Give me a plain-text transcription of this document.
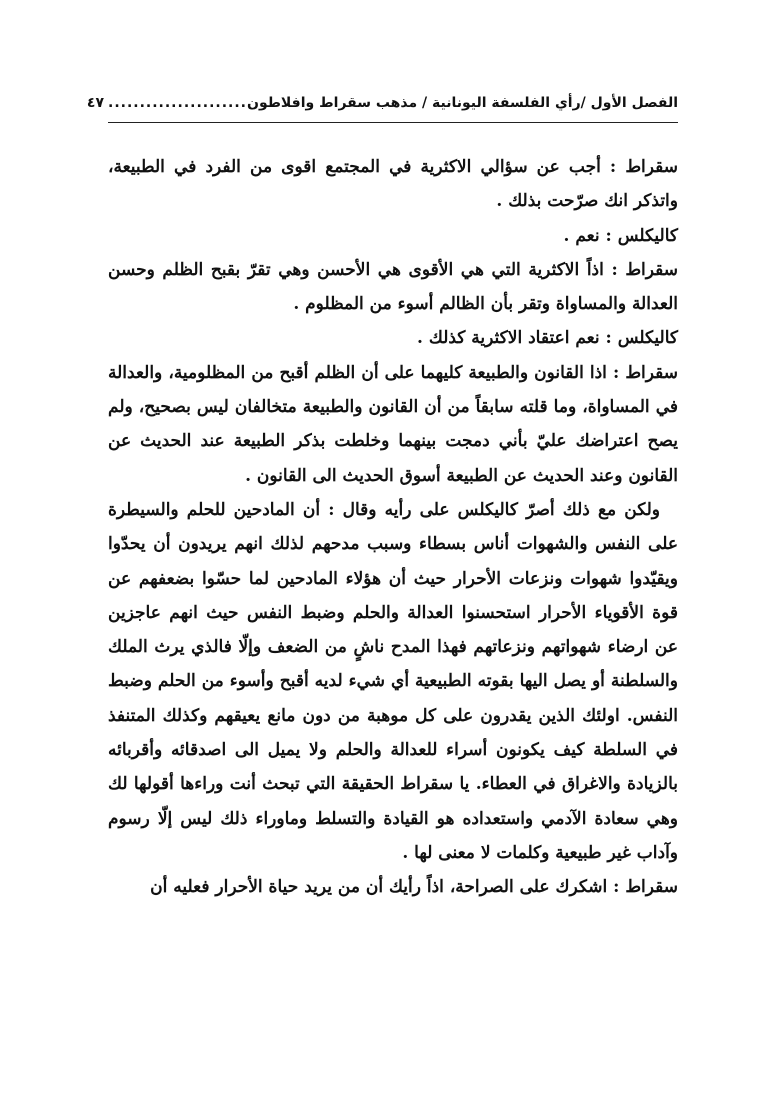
الفصل الأول /رأي الفلسفة اليونانية / مذهب سقراط وافلاطون
......................
٤٧

سقراط : أجب عن سؤالي الاكثرية في المجتمع اقوى من الفرد في الطبيعة، واتذكر انك صرّحت بذلك .

كاليكلس : نعم .

سقراط : اذاً الاكثرية التي هي الأقوى هي الأحسن وهي تقرّ بقبح الظلم وحسن العدالة والمساواة وتقر بأن الظالم أسوء من المظلوم .

كاليكلس : نعم اعتقاد الاكثرية كذلك .

سقراط : اذا القانون والطبيعة كليهما على أن الظلم أقبح من المظلومية، والعدالة في المساواة، وما قلته سابقاً من أن القانون والطبيعة متخالفان ليس بصحيح، ولم يصح اعتراضك عليّ بأني دمجت بينهما وخلطت بذكر الطبيعة عند الحديث عن القانون وعند الحديث عن الطبيعة أسوق الحديث الى القانون .

ولكن مع ذلك أصرّ كاليكلس على رأيه وقال : أن المادحين للحلم والسيطرة على النفس والشهوات أناس بسطاء وسبب مدحهم لذلك انهم يريدون أن يحدّوا ويقيّدوا شهوات ونزعات الأحرار حيث أن هؤلاء المادحين لما حسّوا بضعفهم عن قوة الأقوياء الأحرار استحسنوا العدالة والحلم وضبط النفس حيث انهم عاجزين عن ارضاء شهواتهم ونزعاتهم فهذا المدح ناشٍ من الضعف وإلّا فالذي يرث الملك والسلطنة أو يصل اليها بقوته الطبيعية أي شيء لديه أقبح وأسوء من الحلم وضبط النفس. اولئك الذين يقدرون على كل موهبة من دون مانع يعيقهم وكذلك المتنفذ في السلطة كيف يكونون أسراء للعدالة والحلم ولا يميل الى اصدقائه وأقربائه بالزيادة والاغراق في العطاء. يا سقراط الحقيقة التي تبحث أنت وراءها أقولها لك وهي سعادة الآدمي واستعداده هو القيادة والتسلط وماوراء ذلك ليس إلّا رسوم وآداب غير طبيعية وكلمات لا معنى لها .

سقراط : اشكرك على الصراحة، اذاً رأيك أن من يريد حياة الأحرار فعليه أن
